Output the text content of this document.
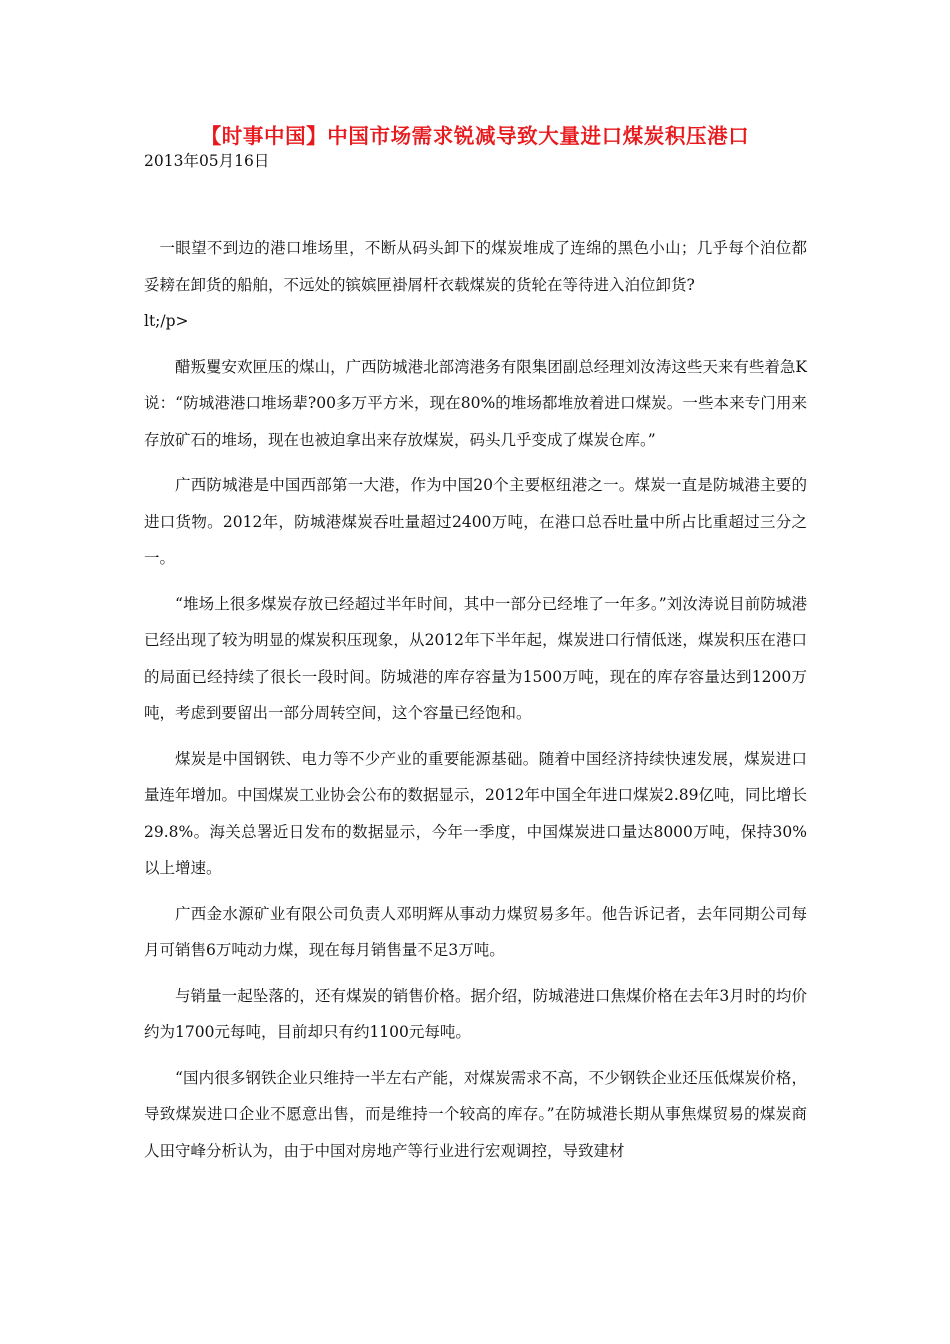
【时事中国】中国市场需求锐减导致大量进口煤炭积压港口
2013年05月16日

一眼望不到边的港口堆场里，不断从码头卸下的煤炭堆成了连绵的黑色小山；几乎每个泊位都妥耪在卸货的船舶，不远处的镔嫔匣褂屑杆衣载煤炭的货轮在等待进入泊位卸货?

lt;/p>

醋叛矍安欢匣压的煤山，广西防城港北部湾港务有限集团副总经理刘汝涛这些天来有些着急K说：“防城港港口堆场辈?00多万平方米，现在80%的堆场都堆放着进口煤炭。一些本来专门用来存放矿石的堆场，现在也被迫拿出来存放煤炭，码头几乎变成了煤炭仓库。”

广西防城港是中国西部第一大港，作为中国20个主要枢纽港之一。煤炭一直是防城港主要的进口货物。2012年，防城港煤炭吞吐量超过2400万吨，在港口总吞吐量中所占比重超过三分之一。

“堆场上很多煤炭存放已经超过半年时间，其中一部分已经堆了一年多。”刘汝涛说目前防城港已经出现了较为明显的煤炭积压现象，从2012年下半年起，煤炭进口行情低迷，煤炭积压在港口的局面已经持续了很长一段时间。防城港的库存容量为1500万吨，现在的库存容量达到1200万吨，考虑到要留出一部分周转空间，这个容量已经饱和。

煤炭是中国钢铁、电力等不少产业的重要能源基础。随着中国经济持续快速发展，煤炭进口量连年增加。中国煤炭工业协会公布的数据显示，2012年中国全年进口煤炭2.89亿吨，同比增长29.8%。海关总署近日发布的数据显示，今年一季度，中国煤炭进口量达8000万吨，保持30%以上增速。

广西金水源矿业有限公司负责人邓明辉从事动力煤贸易多年。他告诉记者，去年同期公司每月可销售6万吨动力煤，现在每月销售量不足3万吨。

与销量一起坠落的，还有煤炭的销售价格。据介绍，防城港进口焦煤价格在去年3月时的均价约为1700元每吨，目前却只有约1100元每吨。

“国内很多钢铁企业只维持一半左右产能，对煤炭需求不高，不少钢铁企业还压低煤炭价格，导致煤炭进口企业不愿意出售，而是维持一个较高的库存。”在防城港长期从事焦煤贸易的煤炭商人田守峰分析认为，由于中国对房地产等行业进行宏观调控，导致建材
